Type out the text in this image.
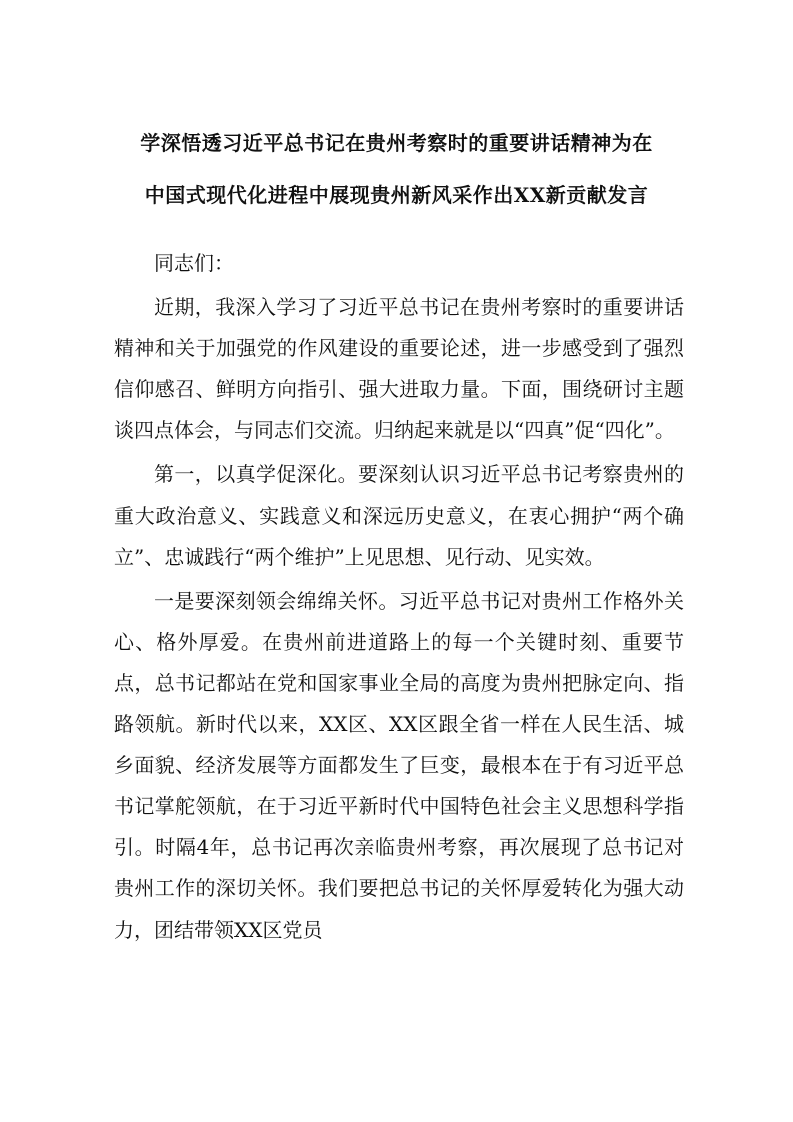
学深悟透习近平总书记在贵州考察时的重要讲话精神为在
中国式现代化进程中展现贵州新风采作出XX新贡献发言

同志们：

近期，我深入学习了习近平总书记在贵州考察时的重要讲话精神和关于加强党的作风建设的重要论述，进一步感受到了强烈信仰感召、鲜明方向指引、强大进取力量。下面，围绕研讨主题谈四点体会，与同志们交流。归纳起来就是以“四真”促“四化”。

第一，以真学促深化。要深刻认识习近平总书记考察贵州的重大政治意义、实践意义和深远历史意义，在衷心拥护“两个确立”、忠诚践行“两个维护”上见思想、见行动、见实效。

一是要深刻领会绵绵关怀。习近平总书记对贵州工作格外关心、格外厚爱。在贵州前进道路上的每一个关键时刻、重要节点，总书记都站在党和国家事业全局的高度为贵州把脉定向、指路领航。新时代以来，XX区、XX区跟全省一样在人民生活、城乡面貌、经济发展等方面都发生了巨变，最根本在于有习近平总书记掌舵领航，在于习近平新时代中国特色社会主义思想科学指引。时隔4年，总书记再次亲临贵州考察，再次展现了总书记对贵州工作的深切关怀。我们要把总书记的关怀厚爱转化为强大动力，团结带领XX区党员
